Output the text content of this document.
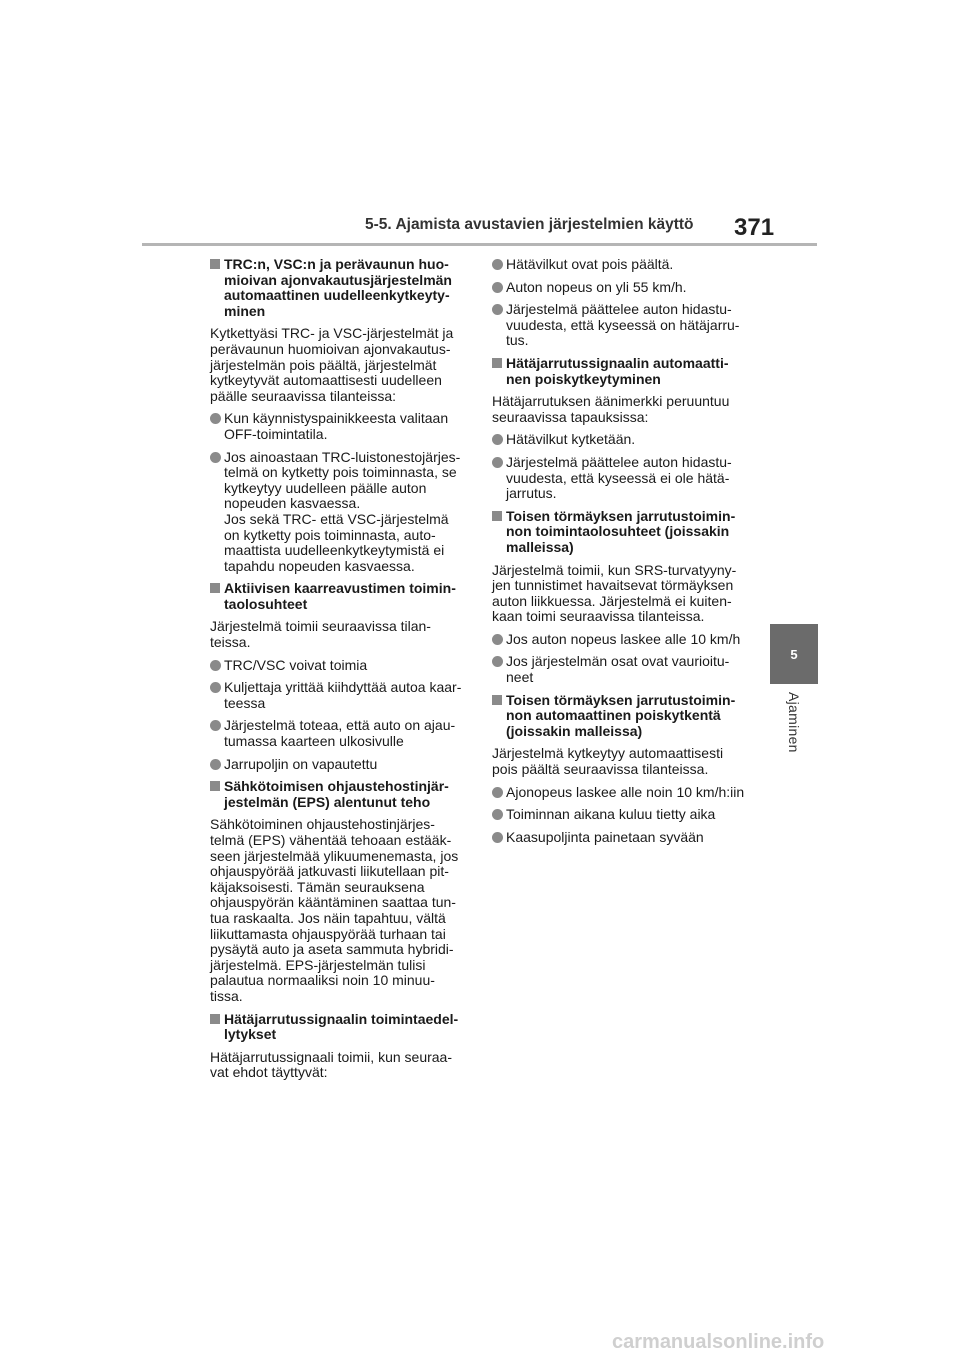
5-5. Ajamista avustavien järjestelmien käyttö 371
5
Ajaminen
TRC:n, VSC:n ja perävaunun huo-
mioivan ajonvakautusjärjestelmän
automaattinen uudelleenkytkeyty-
minen
Kytkettyäsi TRC- ja VSC-järjestelmät ja
perävaunun huomioivan ajonvakautus-
järjestelmän pois päältä, järjestelmät
kytkeytyvät automaattisesti uudelleen
päälle seuraavissa tilanteissa:
Kun käynnistyspainikkeesta valitaan
OFF-toimintatila.
Jos ainoastaan TRC-luistonestojärjes-
telmä on kytketty pois toiminnasta, se
kytkeytyy uudelleen päälle auton
nopeuden kasvaessa.
Jos sekä TRC- että VSC-järjestelmä
on kytketty pois toiminnasta, auto-
maattista uudelleenkytkeytymistä ei
tapahdu nopeuden kasvaessa.
Aktiivisen kaarreavustimen toimin-
taolosuhteet
Järjestelmä toimii seuraavissa tilan-
teissa.
TRC/VSC voivat toimia
Kuljettaja yrittää kiihdyttää autoa kaar-
teessa
Järjestelmä toteaa, että auto on ajau-
tumassa kaarteen ulkosivulle
Jarrupoljin on vapautettu
Sähkötoimisen ohjaustehostinjär-
jestelmän (EPS) alentunut teho
Sähkötoiminen ohjaustehostinjärjes-
telmä (EPS) vähentää tehoaan estääk-
seen järjestelmää ylikuumenemasta, jos
ohjauspyörää jatkuvasti liikutellaan pit-
käjaksoisesti. Tämän seurauksena
ohjauspyörän kääntäminen saattaa tun-
tua raskaalta. Jos näin tapahtuu, vältä
liikuttamasta ohjauspyörää turhaan tai
pysäytä auto ja aseta sammuta hybridi-
järjestelmä. EPS-järjestelmän tulisi
palautua normaaliksi noin 10 minuu-
tissa.
Hätäjarrutussignaalin toimintaedel-
lytykset
Hätäjarrutussignaali toimii, kun seuraa-
vat ehdot täyttyvät:
Hätävilkut ovat pois päältä.
Auton nopeus on yli 55 km/h.
Järjestelmä päättelee auton hidastu-
vuudesta, että kyseessä on hätäjarru-
tus.
Hätäjarrutussignaalin automaatti-
nen poiskytkeytyminen
Hätäjarrutuksen äänimerkki peruuntuu
seuraavissa tapauksissa:
Hätävilkut kytketään.
Järjestelmä päättelee auton hidastu-
vuudesta, että kyseessä ei ole hätä-
jarrutus.
Toisen törmäyksen jarrutustoimin-
non toimintaolosuhteet (joissakin
malleissa)
Järjestelmä toimii, kun SRS-turvatyyny-
jen tunnistimet havaitsevat törmäyksen
auton liikkuessa. Järjestelmä ei kuiten-
kaan toimi seuraavissa tilanteissa.
Jos auton nopeus laskee alle 10 km/h
Jos järjestelmän osat ovat vaurioitu-
neet
Toisen törmäyksen jarrutustoimin-
non automaattinen poiskytkentä
(joissakin malleissa)
Järjestelmä kytkeytyy automaattisesti
pois päältä seuraavissa tilanteissa.
Ajonopeus laskee alle noin 10 km/h:iin
Toiminnan aikana kuluu tietty aika
Kaasupoljinta painetaan syvään
carmanualsonline.info
